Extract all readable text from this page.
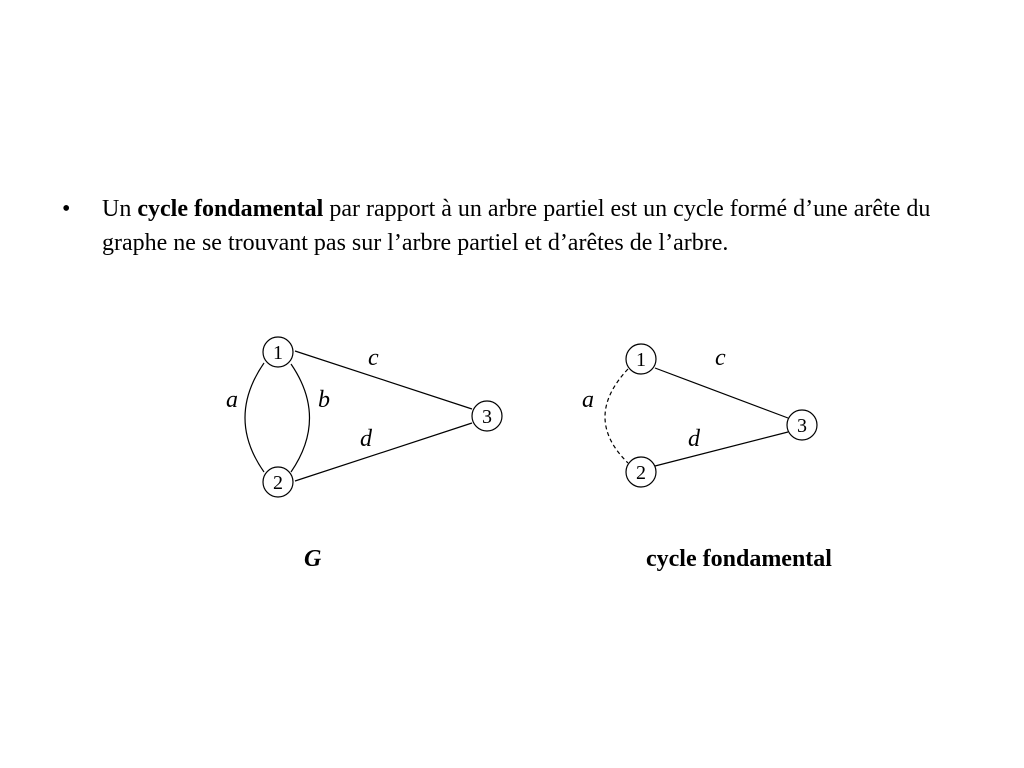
• Un cycle fondamental par rapport à un arbre partiel est un cycle formé d’une arête du graphe ne se trouvant pas sur l’arbre partiel et d’arêtes de l’arbre.
1
2
3
a	b
c
d
1
2
3
a
c
d
G	cycle fondamental
